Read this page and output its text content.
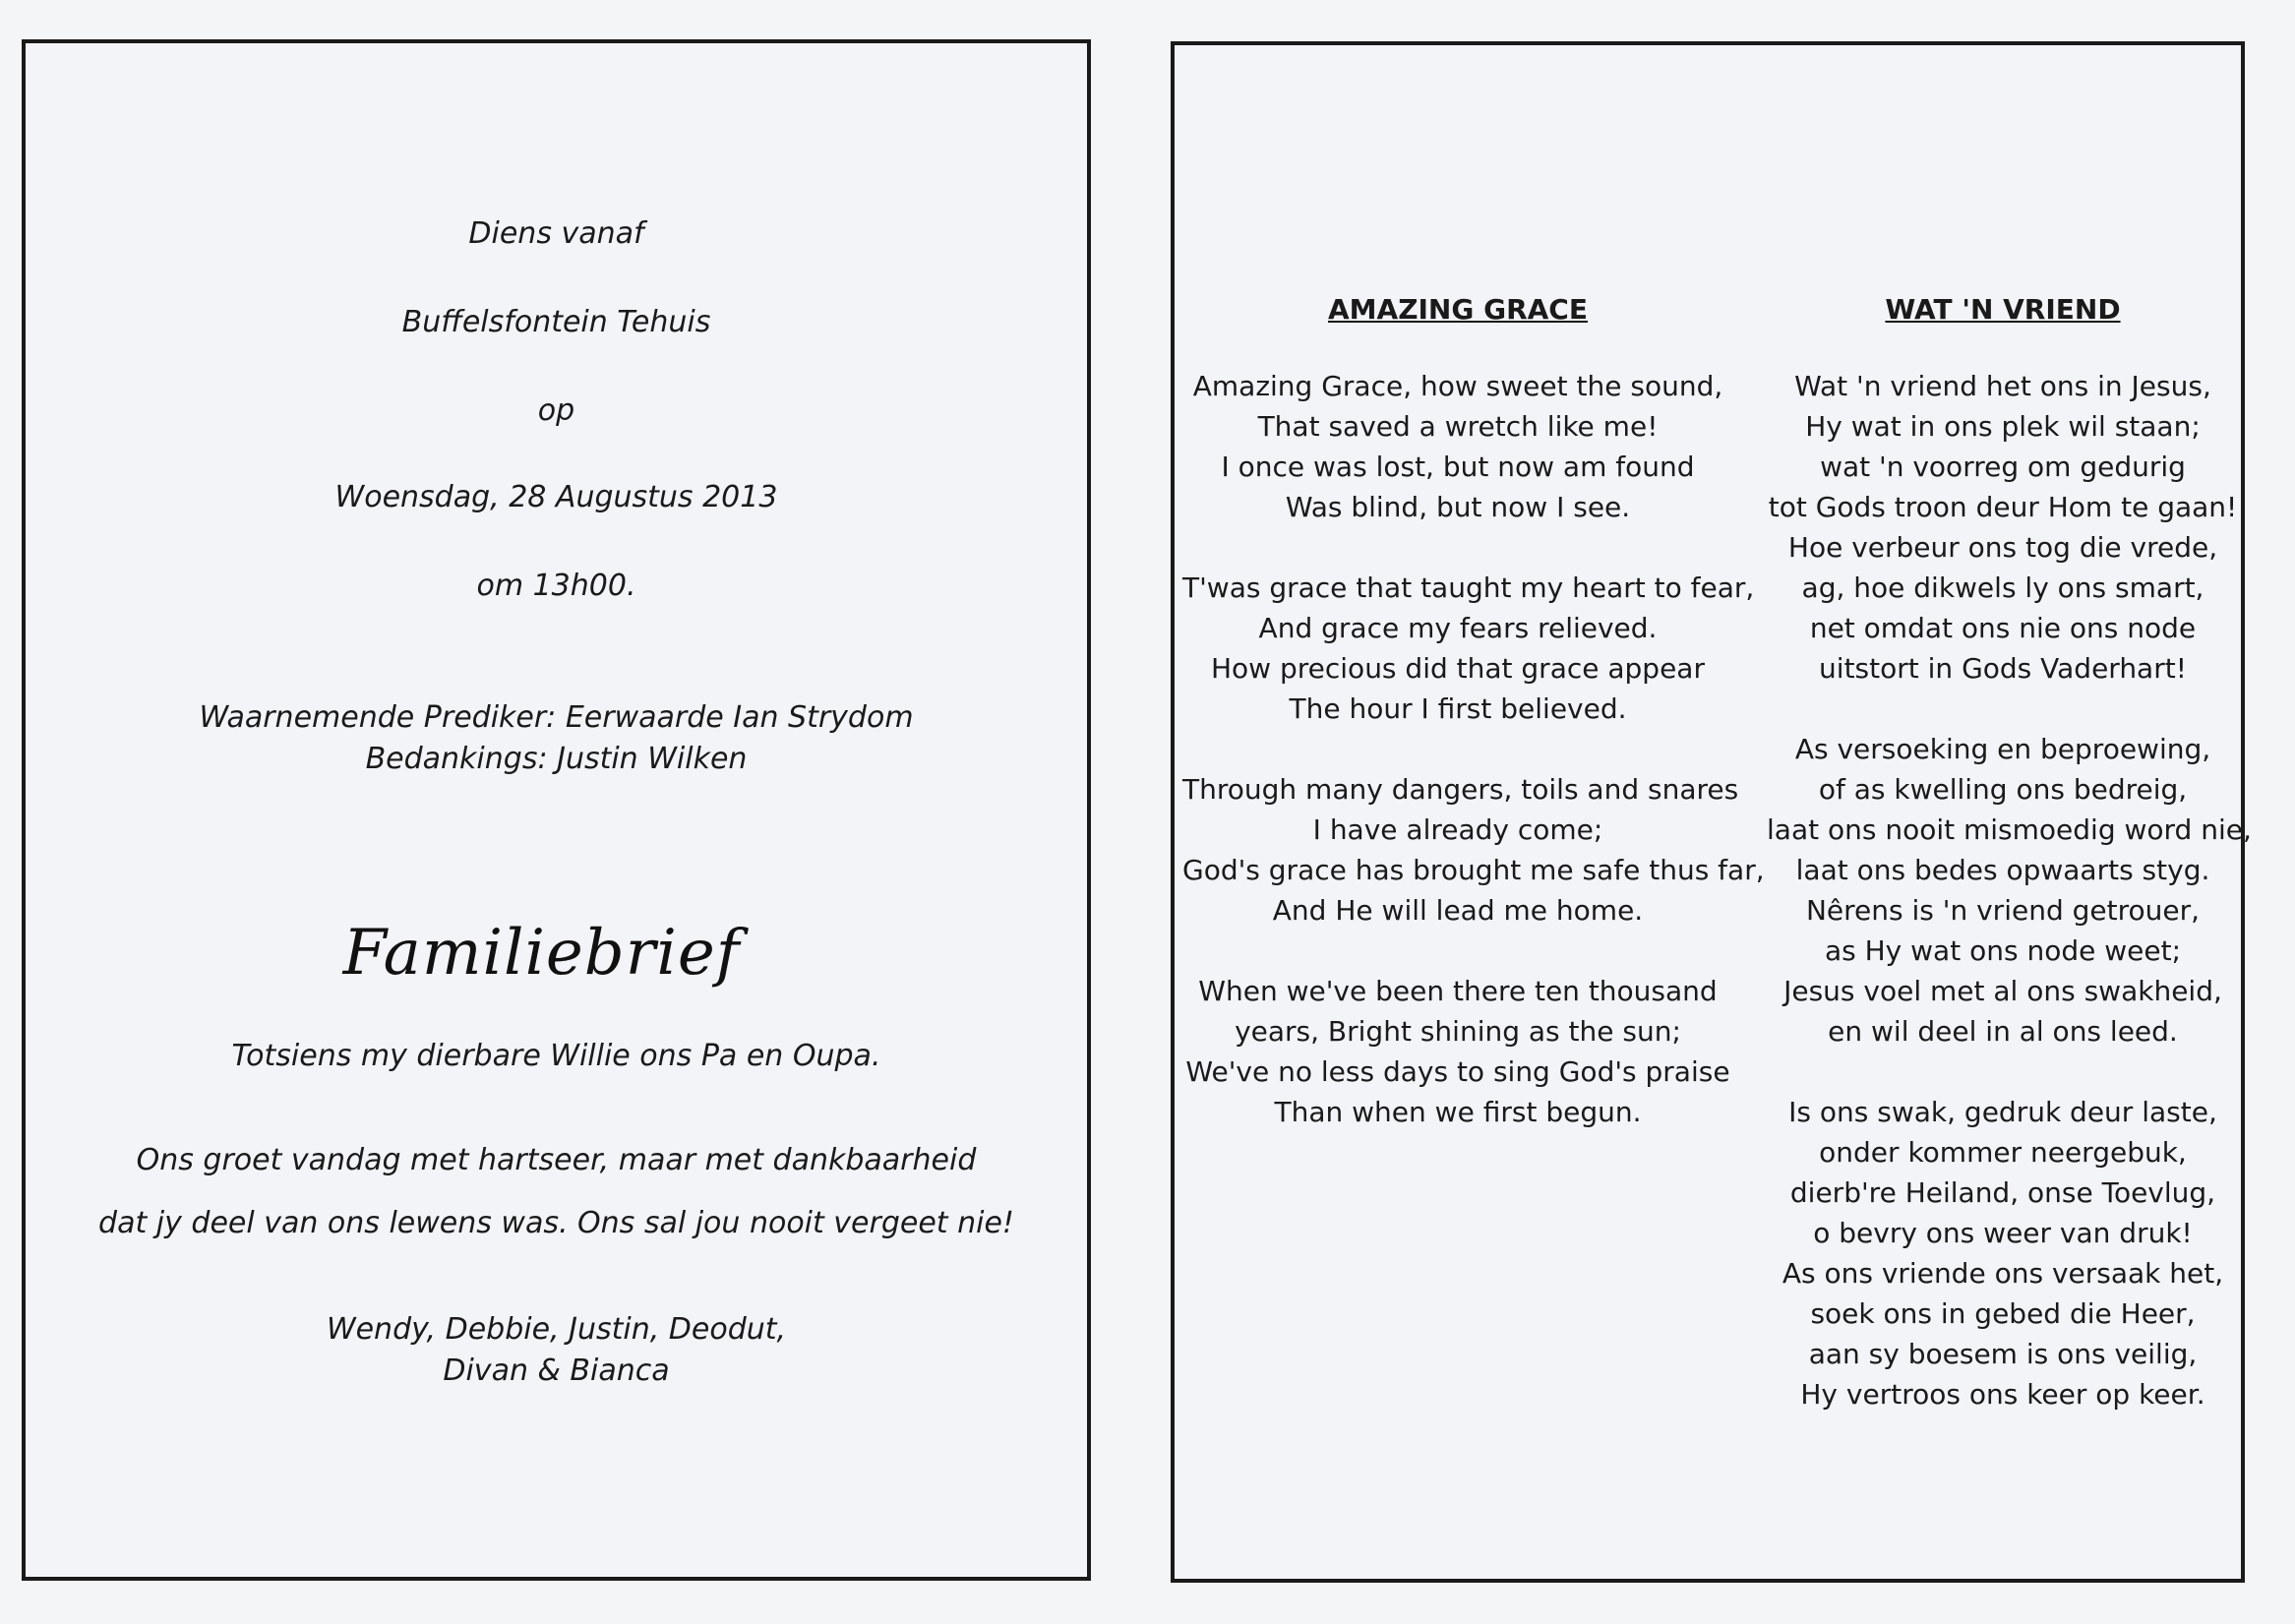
Diens vanaf
Buffelsfontein Tehuis
op
Woensdag, 28 Augustus 2013
om 13h00.
Waarnemende Prediker: Eerwaarde Ian Strydom
Bedankings: Justin Wilken
Familiebrief
Totsiens my dierbare Willie ons Pa en Oupa.
Ons groet vandag met hartseer, maar met dankbaarheid
dat jy deel van ons lewens was. Ons sal jou nooit vergeet nie!
Wendy, Debbie, Justin, Deodut,
Divan & Bianca
AMAZING GRACE
Amazing Grace, how sweet the sound,
That saved a wretch like me!
I once was lost, but now am found
Was blind, but now I see.
T'was grace that taught my heart to fear,
And grace my fears relieved.
How precious did that grace appear
The hour I first believed.
Through many dangers, toils and snares
I have already come;
God's grace has brought me safe thus far,
And He will lead me home.
When we've been there ten thousand
years, Bright shining as the sun;
We've no less days to sing God's praise
Than when we first begun.
WAT 'N VRIEND
Wat 'n vriend het ons in Jesus,
Hy wat in ons plek wil staan;
wat 'n voorreg om gedurig
tot Gods troon deur Hom te gaan!
Hoe verbeur ons tog die vrede,
ag, hoe dikwels ly ons smart,
net omdat ons nie ons node
uitstort in Gods Vaderhart!
As versoeking en beproewing,
of as kwelling ons bedreig,
laat ons nooit mismoedig word nie,
laat ons bedes opwaarts styg.
Nêrens is 'n vriend getrouer,
as Hy wat ons node weet;
Jesus voel met al ons swakheid,
en wil deel in al ons leed.
Is ons swak, gedruk deur laste,
onder kommer neergebuk,
dierb're Heiland, onse Toevlug,
o bevry ons weer van druk!
As ons vriende ons versaak het,
soek ons in gebed die Heer,
aan sy boesem is ons veilig,
Hy vertroos ons keer op keer.
